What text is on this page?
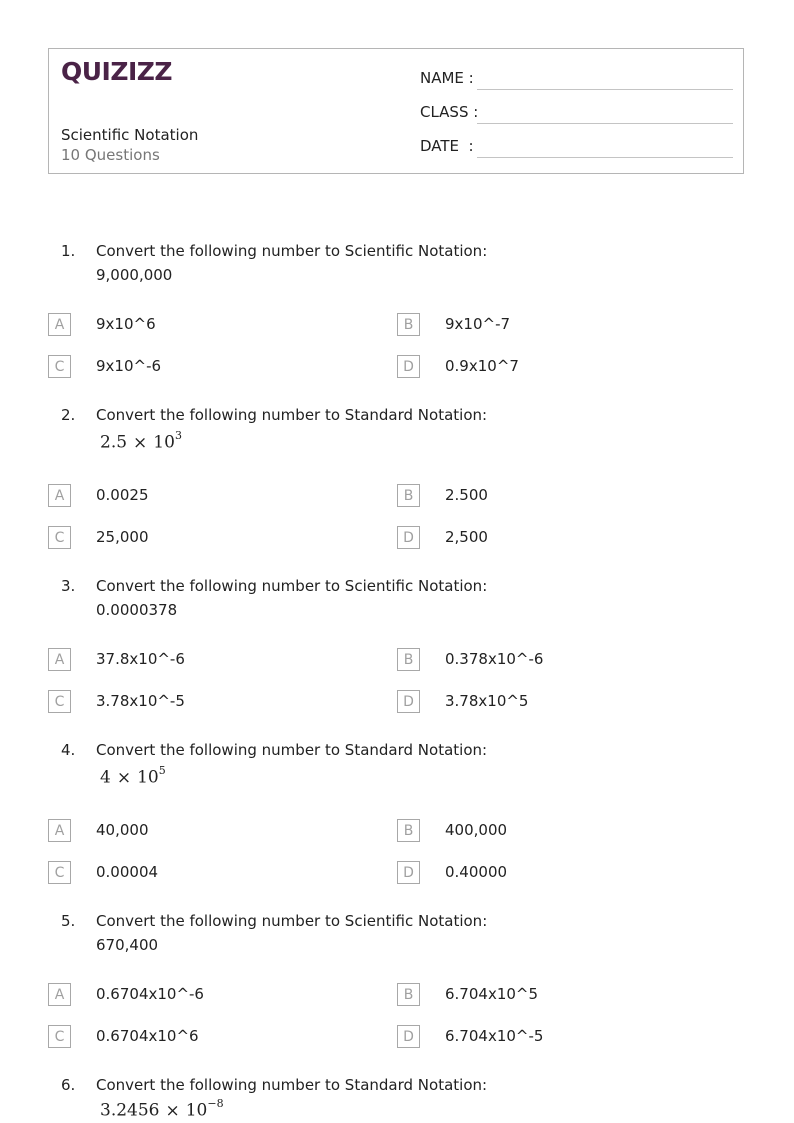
QUIZIZZ
Scientific Notation
10 Questions
NAME :
CLASS :
DATE  :
1. Convert the following number to Scientific Notation:
9,000,000
A	9x10^6	B	9x10^-7
C	9x10^-6	D	0.9x10^7
2. Convert the following number to Standard Notation:
$2.5 \times 10^3$
A	0.0025	B	2.500
C	25,000	D	2,500
3. Convert the following number to Scientific Notation:
0.0000378
A	37.8x10^-6	B	0.378x10^-6
C	3.78x10^-5	D	3.78x10^5
4. Convert the following number to Standard Notation:
$4 \times 10^5$
A	40,000	B	400,000
C	0.00004	D	0.40000
5. Convert the following number to Scientific Notation:
670,400
A	0.6704x10^-6	B	6.704x10^5
C	0.6704x10^6	D	6.704x10^-5
6. Convert the following number to Standard Notation:
$3.2456 \times 10^{-8}$
